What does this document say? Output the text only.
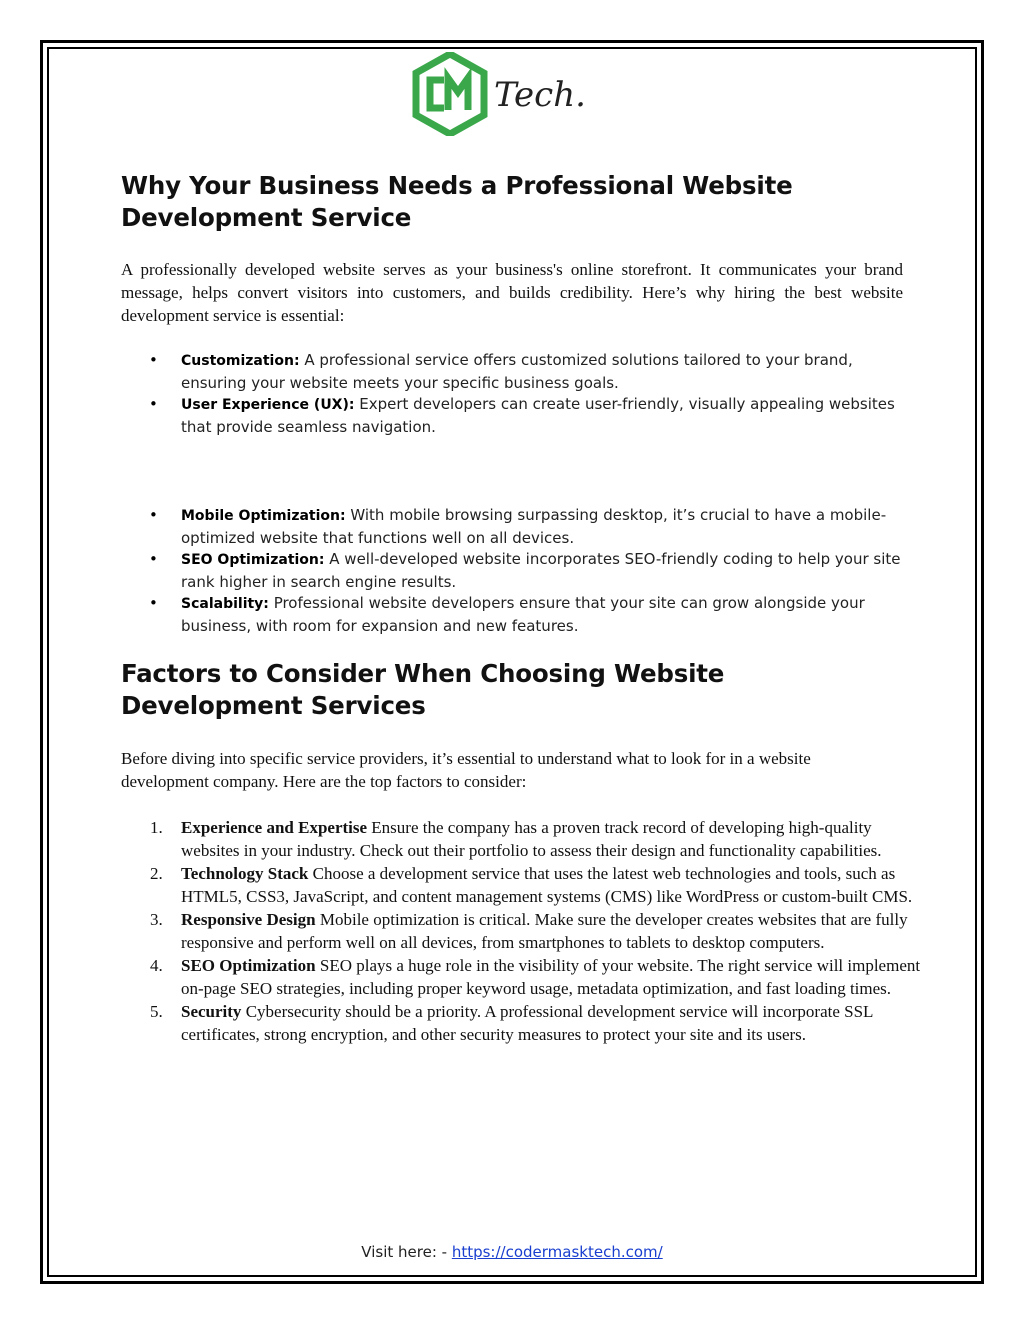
Tech.
Why Your Business Needs a Professional Website Development Service

A professionally developed website serves as your business's online storefront. It communicates your brand message, helps convert visitors into customers, and builds credibility. Here’s why hiring the best website development service is essential:

• Customization: A professional service offers customized solutions tailored to your brand, ensuring your website meets your specific business goals.
• User Experience (UX): Expert developers can create user-friendly, visually appealing websites that provide seamless navigation.
• Mobile Optimization: With mobile browsing surpassing desktop, it’s crucial to have a mobile-optimized website that functions well on all devices.
• SEO Optimization: A well-developed website incorporates SEO-friendly coding to help your site rank higher in search engine results.
• Scalability: Professional website developers ensure that your site can grow alongside your business, with room for expansion and new features.
Factors to Consider When Choosing Website Development Services

Before diving into specific service providers, it’s essential to understand what to look for in a website development company. Here are the top factors to consider:

1. Experience and Expertise Ensure the company has a proven track record of developing high-quality websites in your industry. Check out their portfolio to assess their design and functionality capabilities.
2. Technology Stack Choose a development service that uses the latest web technologies and tools, such as HTML5, CSS3, JavaScript, and content management systems (CMS) like WordPress or custom-built CMS.
3. Responsive Design Mobile optimization is critical. Make sure the developer creates websites that are fully responsive and perform well on all devices, from smartphones to tablets to desktop computers.
4. SEO Optimization SEO plays a huge role in the visibility of your website. The right service will implement on-page SEO strategies, including proper keyword usage, metadata optimization, and fast loading times.
5. Security Cybersecurity should be a priority. A professional development service will incorporate SSL certificates, strong encryption, and other security measures to protect your site and its users.
Visit here: - https://codermasktech.com/
